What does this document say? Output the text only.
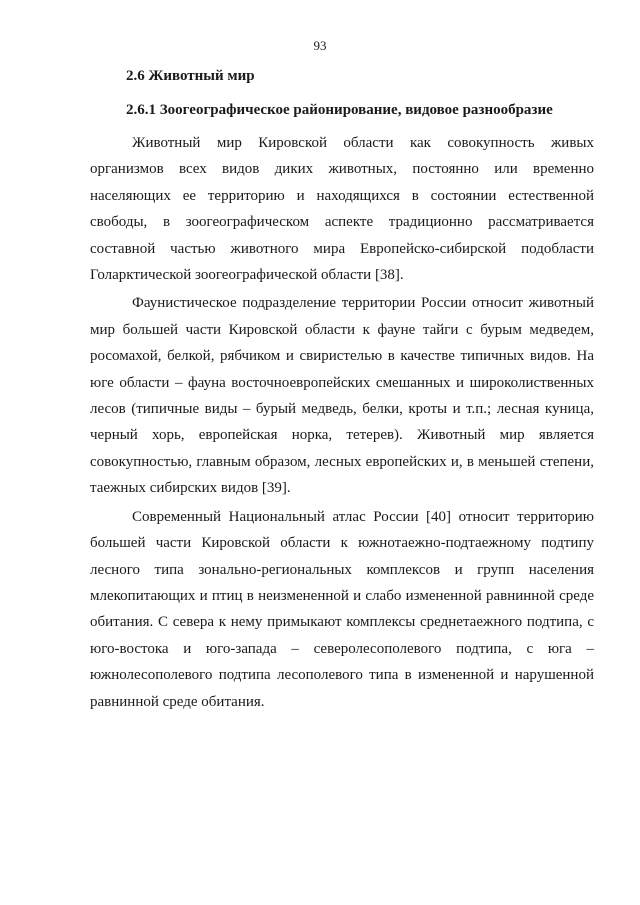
93
2.6 Животный мир
2.6.1 Зоогеографическое районирование, видовое разнообразие

Животный мир Кировской области как совокупность живых организмов всех видов диких животных, постоянно или временно населяющих ее территорию и находящихся в состоянии естественной свободы, в зоогеографическом аспекте традиционно рассматривается составной частью животного мира Европейско-сибирской подобласти Голарктической зоогеографической области [38].

Фаунистическое подразделение территории России относит животный мир большей части Кировской области к фауне тайги с бурым медведем, росомахой, белкой, рябчиком и свиристелью в качестве типичных видов. На юге области – фауна восточноевропейских смешанных и широколиственных лесов (типичные виды – бурый медведь, белки, кроты и т.п.; лесная куница, черный хорь, европейская норка, тетерев). Животный мир является совокупностью, главным образом, лесных европейских и, в меньшей степени, таежных сибирских видов [39].

Современный Национальный атлас России [40] относит территорию большей части Кировской области к южнотаежно-подтаежному подтипу лесного типа зонально-региональных комплексов и групп населения млекопитающих и птиц в неизмененной и слабо измененной равнинной среде обитания. С севера к нему примыкают комплексы среднетаежного подтипа, с юго-востока и юго-запада – северолесополевого подтипа, с юга – южнолесополевого подтипа лесополевого типа в измененной и нарушенной равнинной среде обитания.
